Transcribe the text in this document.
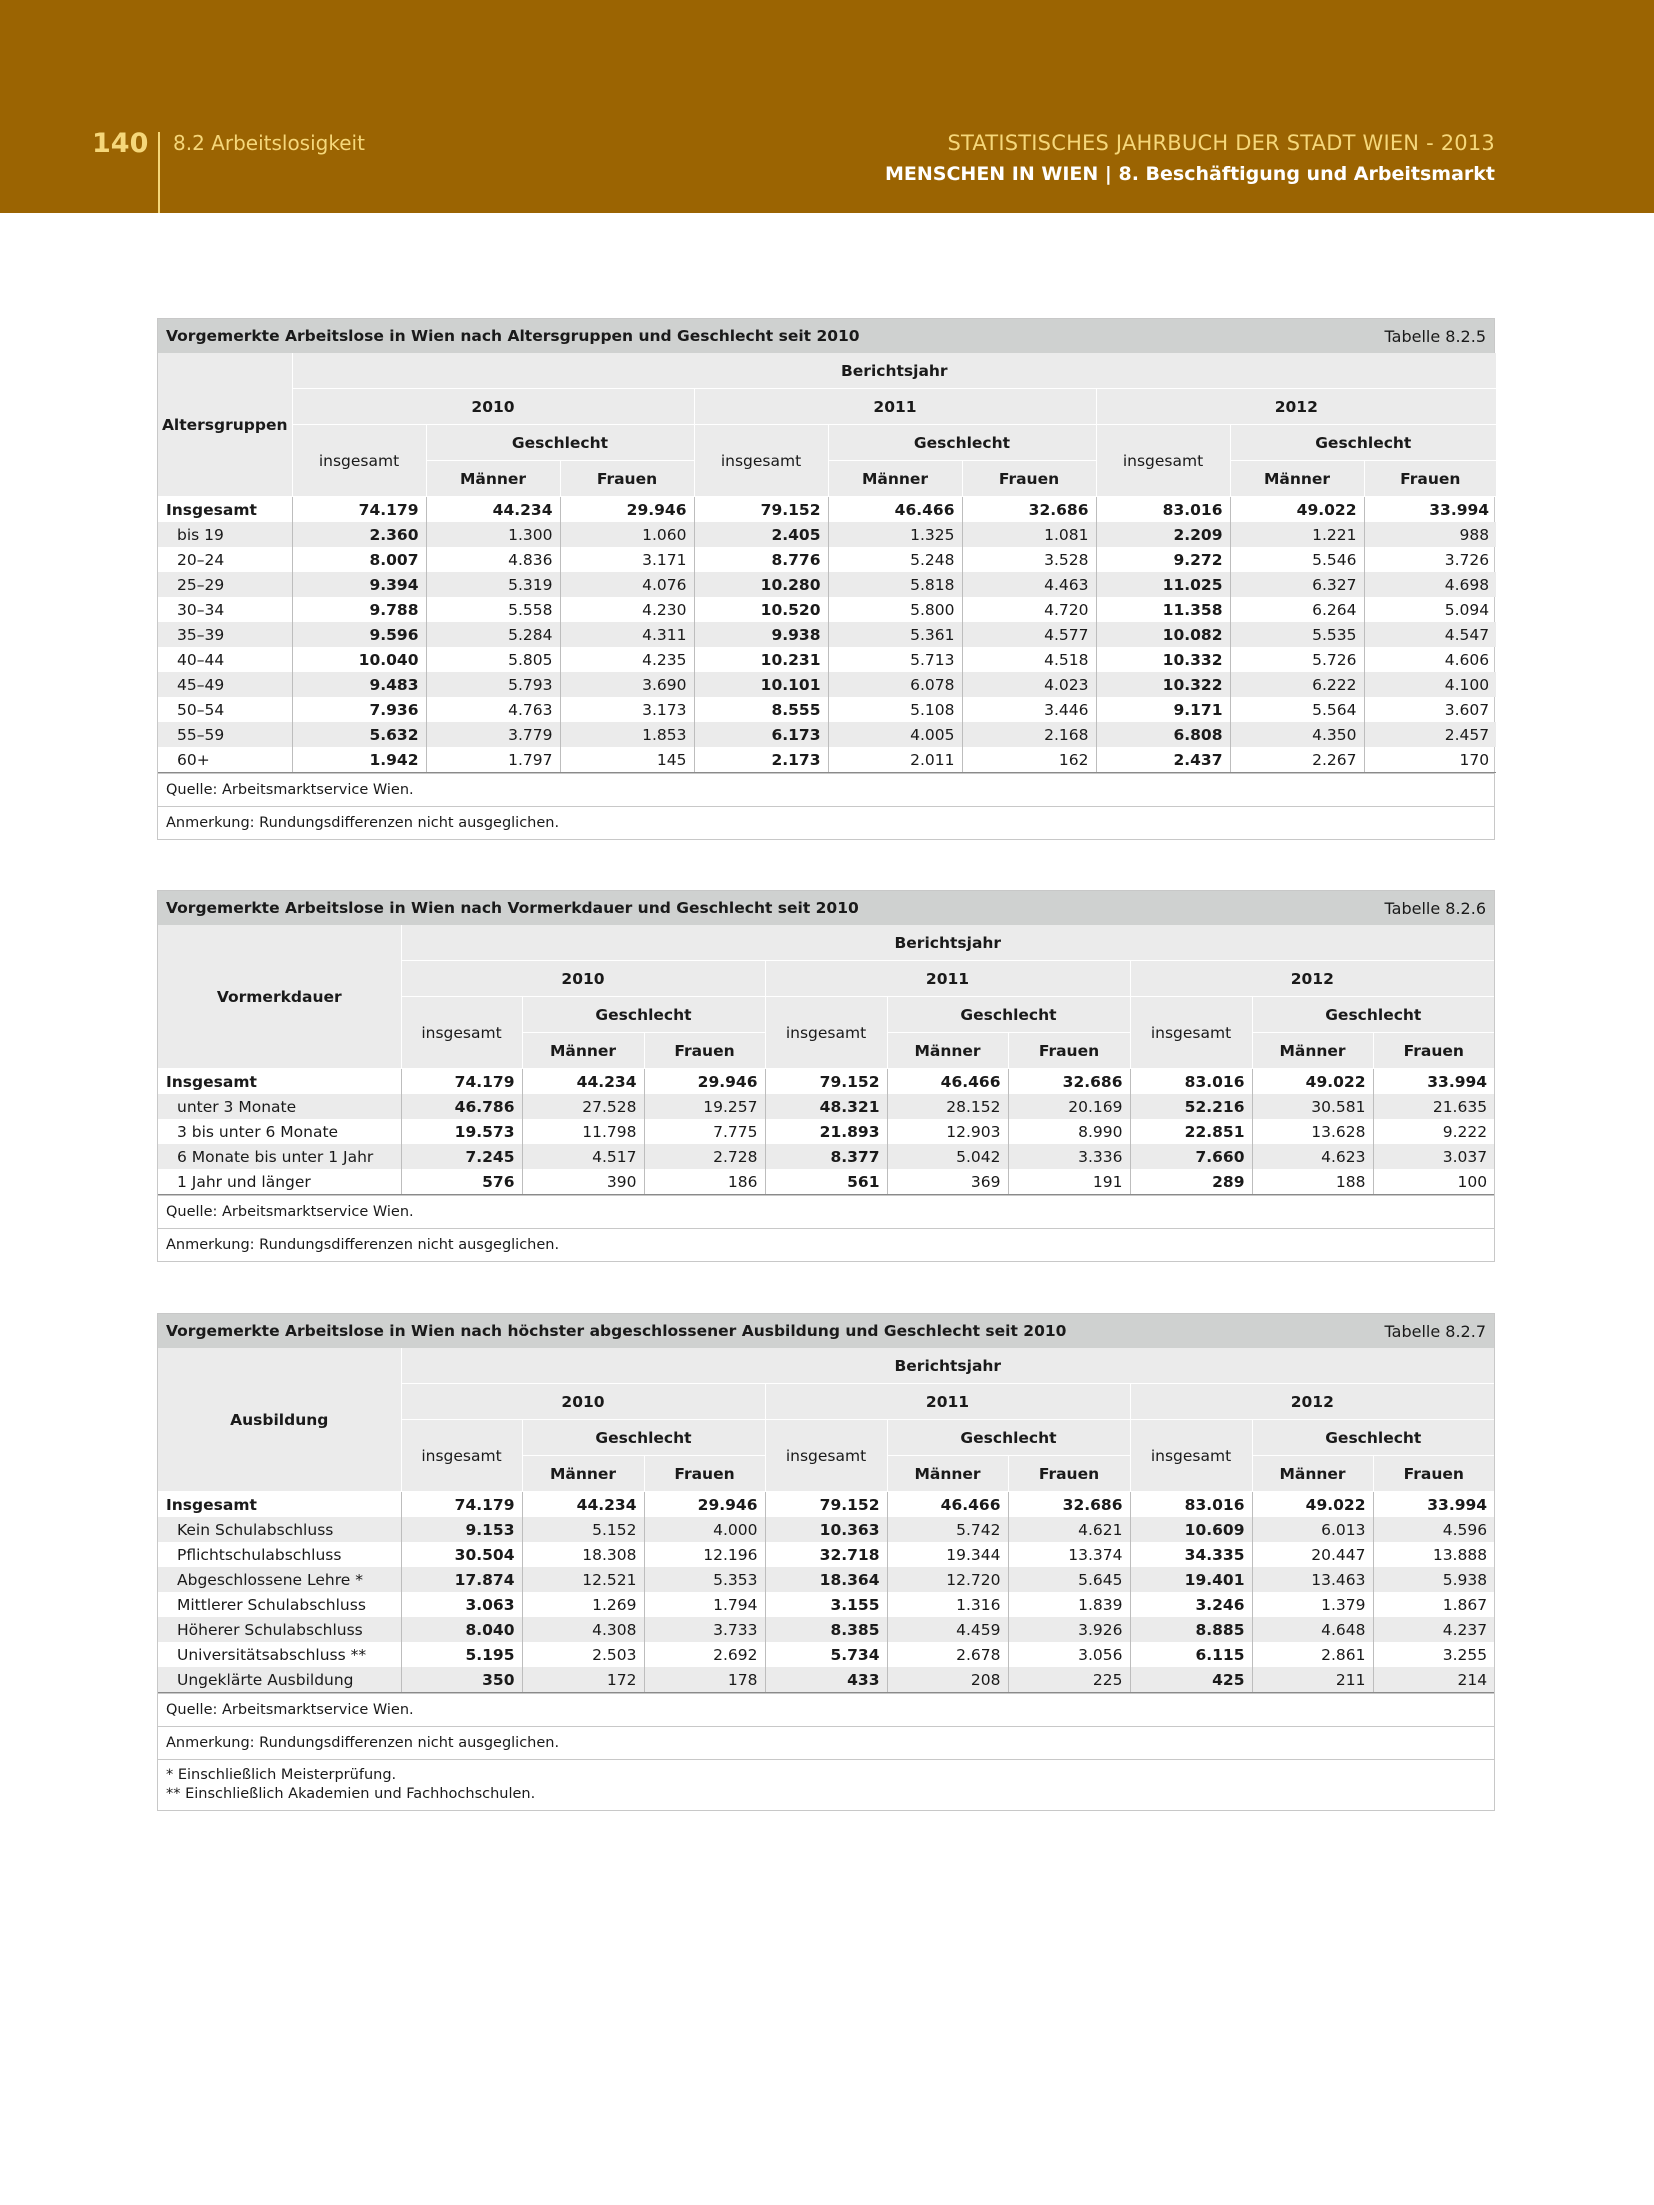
140 8.2 Arbeitslosigkeit	STATISTISCHES JAHRBUCH DER STADT WIEN - 2013
MENSCHEN IN WIEN | 8. Beschäftigung und Arbeitsmarkt
Vorgemerkte Arbeitslose in Wien nach Altersgruppen und Geschlecht seit 2010	Tabelle 8.2.5
Altersgruppen	Berichtsjahr								
	2010			2011			2012		
	insgesamt	Geschlecht		insgesamt	Geschlecht		insgesamt	Geschlecht	
		Männer	Frauen		Männer	Frauen		Männer	Frauen
Insgesamt	74.179	44.234	29.946	79.152	46.466	32.686	83.016	49.022	33.994
bis 19	2.360	1.300	1.060	2.405	1.325	1.081	2.209	1.221	988
20–24	8.007	4.836	3.171	8.776	5.248	3.528	9.272	5.546	3.726
25–29	9.394	5.319	4.076	10.280	5.818	4.463	11.025	6.327	4.698
30–34	9.788	5.558	4.230	10.520	5.800	4.720	11.358	6.264	5.094
35–39	9.596	5.284	4.311	9.938	5.361	4.577	10.082	5.535	4.547
40–44	10.040	5.805	4.235	10.231	5.713	4.518	10.332	5.726	4.606
45–49	9.483	5.793	3.690	10.101	6.078	4.023	10.322	6.222	4.100
50–54	7.936	4.763	3.173	8.555	5.108	3.446	9.171	5.564	3.607
55–59	5.632	3.779	1.853	6.173	4.005	2.168	6.808	4.350	2.457
60+	1.942	1.797	145	2.173	2.011	162	2.437	2.267	170
Quelle: Arbeitsmarktservice Wien.
Anmerkung: Rundungsdifferenzen nicht ausgeglichen.
Vorgemerkte Arbeitslose in Wien nach Vormerkdauer und Geschlecht seit 2010	Tabelle 8.2.6
Vormerkdauer	Berichtsjahr								
	2010			2011			2012		
	insgesamt	Geschlecht		insgesamt	Geschlecht		insgesamt	Geschlecht	
		Männer	Frauen		Männer	Frauen		Männer	Frauen
Insgesamt	74.179	44.234	29.946	79.152	46.466	32.686	83.016	49.022	33.994
unter 3 Monate	46.786	27.528	19.257	48.321	28.152	20.169	52.216	30.581	21.635
3 bis unter 6 Monate	19.573	11.798	7.775	21.893	12.903	8.990	22.851	13.628	9.222
6 Monate bis unter 1 Jahr	7.245	4.517	2.728	8.377	5.042	3.336	7.660	4.623	3.037
1 Jahr und länger	576	390	186	561	369	191	289	188	100
Quelle: Arbeitsmarktservice Wien.
Anmerkung: Rundungsdifferenzen nicht ausgeglichen.
Vorgemerkte Arbeitslose in Wien nach höchster abgeschlossener Ausbildung und Geschlecht seit 2010	Tabelle 8.2.7
Ausbildung	Berichtsjahr								
	2010			2011			2012		
	insgesamt	Geschlecht		insgesamt	Geschlecht		insgesamt	Geschlecht	
		Männer	Frauen		Männer	Frauen		Männer	Frauen
Insgesamt	74.179	44.234	29.946	79.152	46.466	32.686	83.016	49.022	33.994
Kein Schulabschluss	9.153	5.152	4.000	10.363	5.742	4.621	10.609	6.013	4.596
Pflichtschulabschluss	30.504	18.308	12.196	32.718	19.344	13.374	34.335	20.447	13.888
Abgeschlossene Lehre *	17.874	12.521	5.353	18.364	12.720	5.645	19.401	13.463	5.938
Mittlerer Schulabschluss	3.063	1.269	1.794	3.155	1.316	1.839	3.246	1.379	1.867
Höherer Schulabschluss	8.040	4.308	3.733	8.385	4.459	3.926	8.885	4.648	4.237
Universitätsabschluss **	5.195	2.503	2.692	5.734	2.678	3.056	6.115	2.861	3.255
Ungeklärte Ausbildung	350	172	178	433	208	225	425	211	214
Quelle: Arbeitsmarktservice Wien.
Anmerkung: Rundungsdifferenzen nicht ausgeglichen.
* Einschließlich Meisterprüfung.
** Einschließlich Akademien und Fachhochschulen.
